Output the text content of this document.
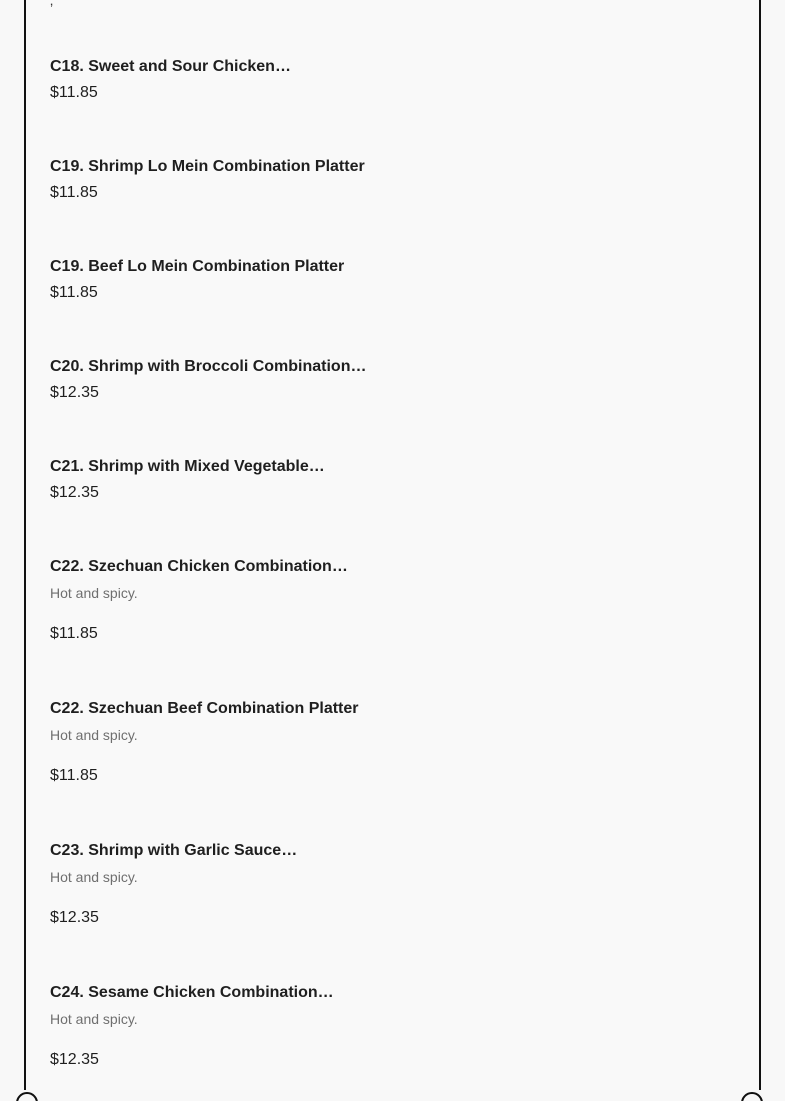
‚
C18. Sweet and Sour Chicken…
$11.85
C19. Shrimp Lo Mein Combination Platter
$11.85
C19. Beef Lo Mein Combination Platter
$11.85
C20. Shrimp with Broccoli Combination…
$12.35
C21. Shrimp with Mixed Vegetable…
$12.35
C22. Szechuan Chicken Combination…
Hot and spicy.
$11.85
C22. Szechuan Beef Combination Platter
Hot and spicy.
$11.85
C23. Shrimp with Garlic Sauce…
Hot and spicy.
$12.35
C24. Sesame Chicken Combination…
Hot and spicy.
$12.35
